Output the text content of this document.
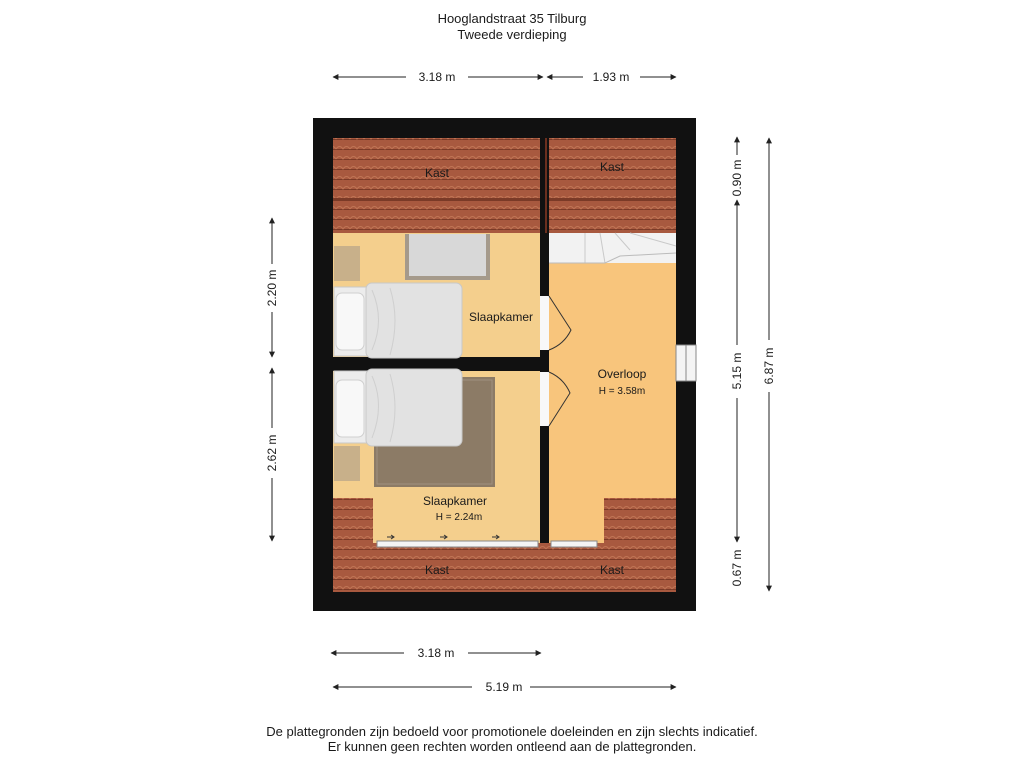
Hooglandstraat 35 Tilburg
Tweede verdieping
Kast	Kast
Kast	Kast
Slaapkamer
Slaapkamer
H = 2.24m
Overloop
H = 3.58m
3.18 m	1.93 m
2.20 m
2.62 m
0.90 m
5.15 m
0.67 m
6.87 m
3.18 m
5.19 m
De plattegronden zijn bedoeld voor promotionele doeleinden en zijn slechts indicatief.
Er kunnen geen rechten worden ontleend aan de plattegronden.
